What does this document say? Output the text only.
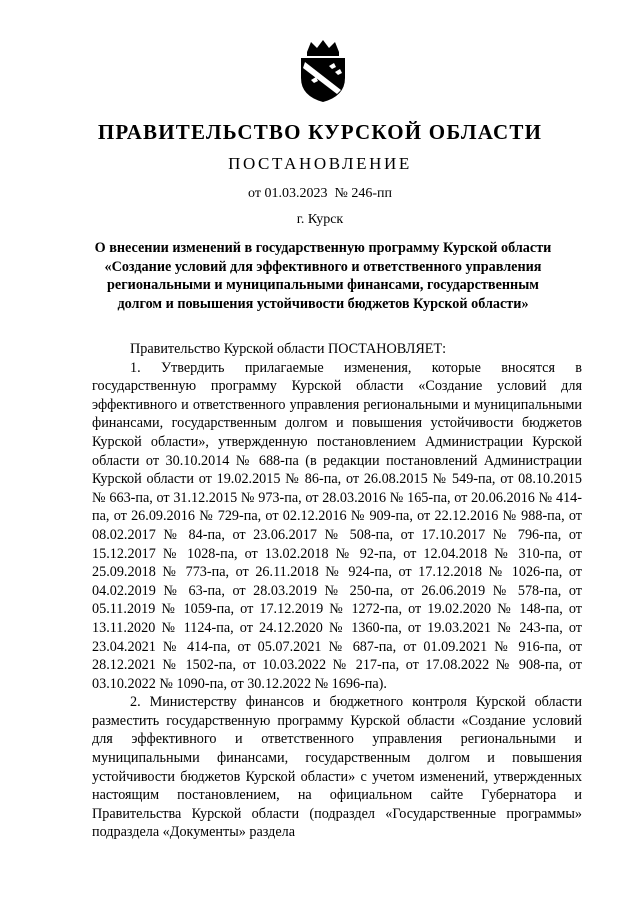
ПРАВИТЕЛЬСТВО КУРСКОЙ ОБЛАСТИ
ПОСТАНОВЛЕНИЕ
от 01.03.2023  № 246-пп
г. Курск
О внесении изменений в государственную программу Курской области «Создание условий для эффективного и ответственного управления региональными и муниципальными финансами, государственным долгом и повышения устойчивости бюджетов Курской области»

Правительство Курской области ПОСТАНОВЛЯЕТ:

1. Утвердить прилагаемые изменения, которые вносятся в государственную программу Курской области «Создание условий для эффективного и ответственного управления региональными и муниципальными финансами, государственным долгом и повышения устойчивости бюджетов Курской области», утвержденную постановлением Администрации Курской области от 30.10.2014 № 688-па (в редакции постановлений Администрации Курской области от 19.02.2015 № 86-па, от 26.08.2015 № 549-па, от 08.10.2015 № 663-па, от 31.12.2015 № 973-па, от 28.03.2016 № 165-па, от 20.06.2016 № 414-па, от 26.09.2016 № 729-па, от 02.12.2016 № 909-па, от 22.12.2016 № 988-па, от 08.02.2017 № 84-па, от 23.06.2017 № 508-па, от 17.10.2017 № 796-па, от 15.12.2017 № 1028-па, от 13.02.2018 № 92-па, от 12.04.2018 № 310-па, от 25.09.2018 № 773-па, от 26.11.2018 № 924-па, от 17.12.2018 № 1026-па, от 04.02.2019 № 63-па, от 28.03.2019 № 250-па, от 26.06.2019 № 578-па, от 05.11.2019 № 1059-па, от 17.12.2019 № 1272-па, от 19.02.2020 № 148-па, от 13.11.2020 № 1124-па, от 24.12.2020 № 1360-па, от 19.03.2021 № 243-па, от 23.04.2021 № 414-па, от 05.07.2021 № 687-па, от 01.09.2021 № 916-па, от 28.12.2021 № 1502-па, от 10.03.2022 № 217-па, от 17.08.2022 № 908-па, от 03.10.2022 № 1090-па, от 30.12.2022 № 1696-па).

2. Министерству финансов и бюджетного контроля Курской области разместить государственную программу Курской области «Создание условий для эффективного и ответственного управления региональными и муниципальными финансами, государственным долгом и повышения устойчивости бюджетов Курской области» с учетом изменений, утвержденных настоящим постановлением, на официальном сайте Губернатора и Правительства Курской области (подраздел «Государственные программы» подраздела «Документы» раздела
